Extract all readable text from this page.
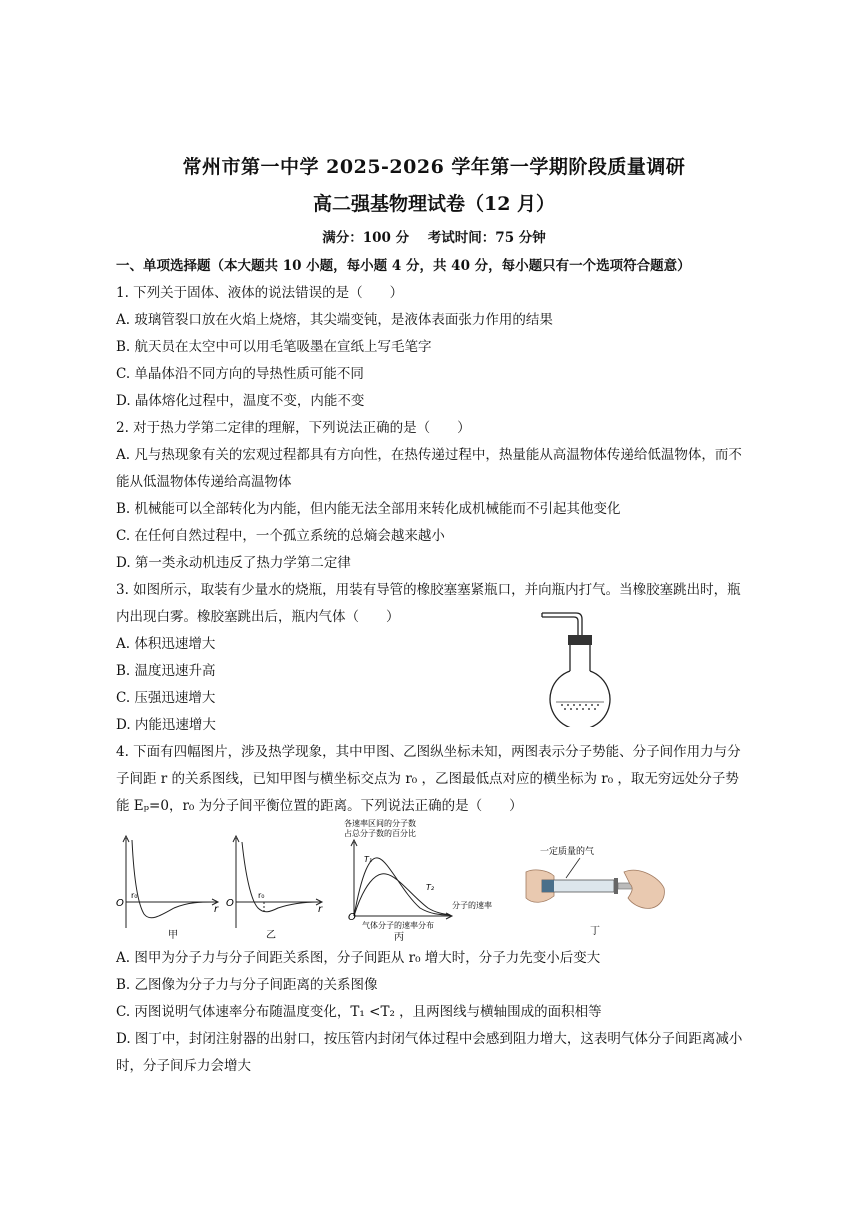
常州市第一中学 2025-2026 学年第一学期阶段质量调研
高二强基物理试卷（12 月）
满分：100 分 考试时间：75 分钟
一、单项选择题（本大题共 10 小题，每小题 4 分，共 40 分，每小题只有一个选项符合题意）
1. 下列关于固体、液体的说法错误的是（　　）
A. 玻璃管裂口放在火焰上烧熔，其尖端变钝，是液体表面张力作用的结果
B. 航天员在太空中可以用毛笔吸墨在宣纸上写毛笔字
C. 单晶体沿不同方向的导热性质可能不同
D. 晶体熔化过程中，温度不变，内能不变
2. 对于热力学第二定律的理解，下列说法正确的是（　　）
A. 凡与热现象有关的宏观过程都具有方向性，在热传递过程中，热量能从高温物体传递给低温物体，而不
能从低温物体传递给高温物体
B. 机械能可以全部转化为内能，但内能无法全部用来转化成机械能而不引起其他变化
C. 在任何自然过程中，一个孤立系统的总熵会越来越小
D. 第一类永动机违反了热力学第二定律
3. 如图所示，取装有少量水的烧瓶，用装有导管的橡胶塞塞紧瓶口，并向瓶内打气。当橡胶塞跳出时，瓶
内出现白雾。橡胶塞跳出后，瓶内气体（　　）
A. 体积迅速增大
B. 温度迅速升高
C. 压强迅速增大
D. 内能迅速增大
4. 下面有四幅图片，涉及热学现象，其中甲图、乙图纵坐标未知，两图表示分子势能、分子间作用力与分
子间距 r 的关系图线，已知甲图与横坐标交点为 r₀ ，乙图最低点对应的横坐标为 r₀ ，取无穷远处分子势
能 Eₚ=0，r₀ 为分子间平衡位置的距离。下列说法正确的是（　　）
O
r₀
r
甲
O
r₀
r
乙
各速率区间的分子数
占总分子数的百分比
T₁
T₂
分子的速率
O
气体分子的速率分布
丙
一定质量的气
丁
A. 图甲为分子力与分子间距关系图，分子间距从 r₀ 增大时，分子力先变小后变大
B. 乙图像为分子力与分子间距离的关系图像
C. 丙图说明气体速率分布随温度变化，T₁ <T₂ ，且两图线与横轴围成的面积相等
D. 图丁中，封闭注射器的出射口，按压管内封闭气体过程中会感到阻力增大，这表明气体分子间距离减小
时，分子间斥力会增大
